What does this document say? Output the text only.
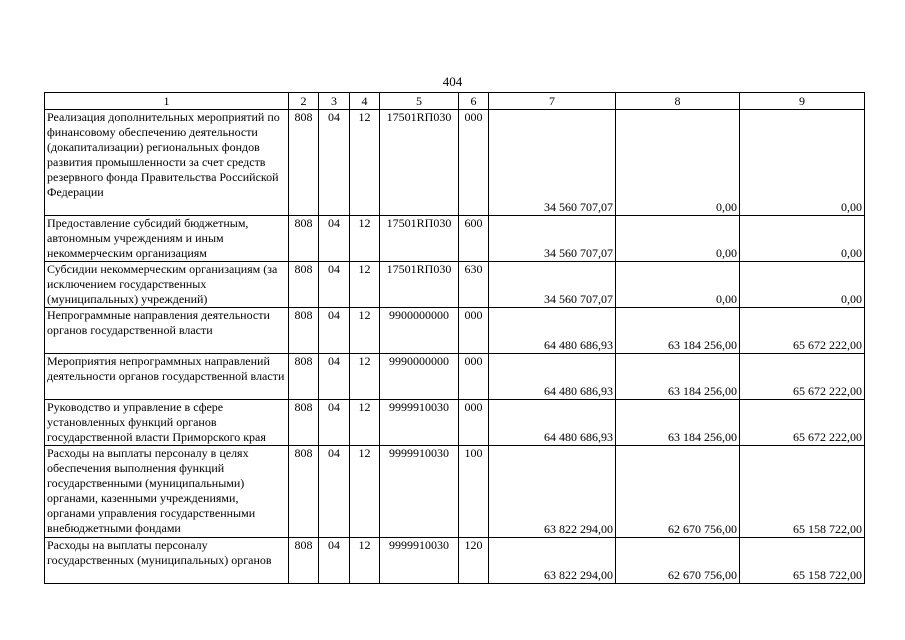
404
1	2	3	4	5	6	7	8	9
Реализация дополнительных мероприятий по финансовому обеспечению деятельности (докапитализации) региональных фондов развития промышленности за счет средств резервного фонда Правительства Российской Федерации	808	04	12	17501RП030	000	34 560 707,07	0,00	0,00
Предоставление субсидий бюджетным, автономным учреждениям и иным некоммерческим организациям	808	04	12	17501RП030	600	34 560 707,07	0,00	0,00
Субсидии некоммерческим организациям (за исключением государственных (муниципальных) учреждений)	808	04	12	17501RП030	630	34 560 707,07	0,00	0,00
Непрограммные направления деятельности органов государственной власти	808	04	12	9900000000	000	64 480 686,93	63 184 256,00	65 672 222,00
Мероприятия непрограммных направлений деятельности органов государственной власти	808	04	12	9990000000	000	64 480 686,93	63 184 256,00	65 672 222,00
Руководство и управление в сфере установленных функций органов государственной власти Приморского края	808	04	12	9999910030	000	64 480 686,93	63 184 256,00	65 672 222,00
Расходы на выплаты персоналу в целях обеспечения выполнения функций государственными (муниципальными) органами, казенными учреждениями, органами управления государственными внебюджетными фондами	808	04	12	9999910030	100	63 822 294,00	62 670 756,00	65 158 722,00
Расходы на выплаты персоналу государственных (муниципальных) органов	808	04	12	9999910030	120	63 822 294,00	62 670 756,00	65 158 722,00
